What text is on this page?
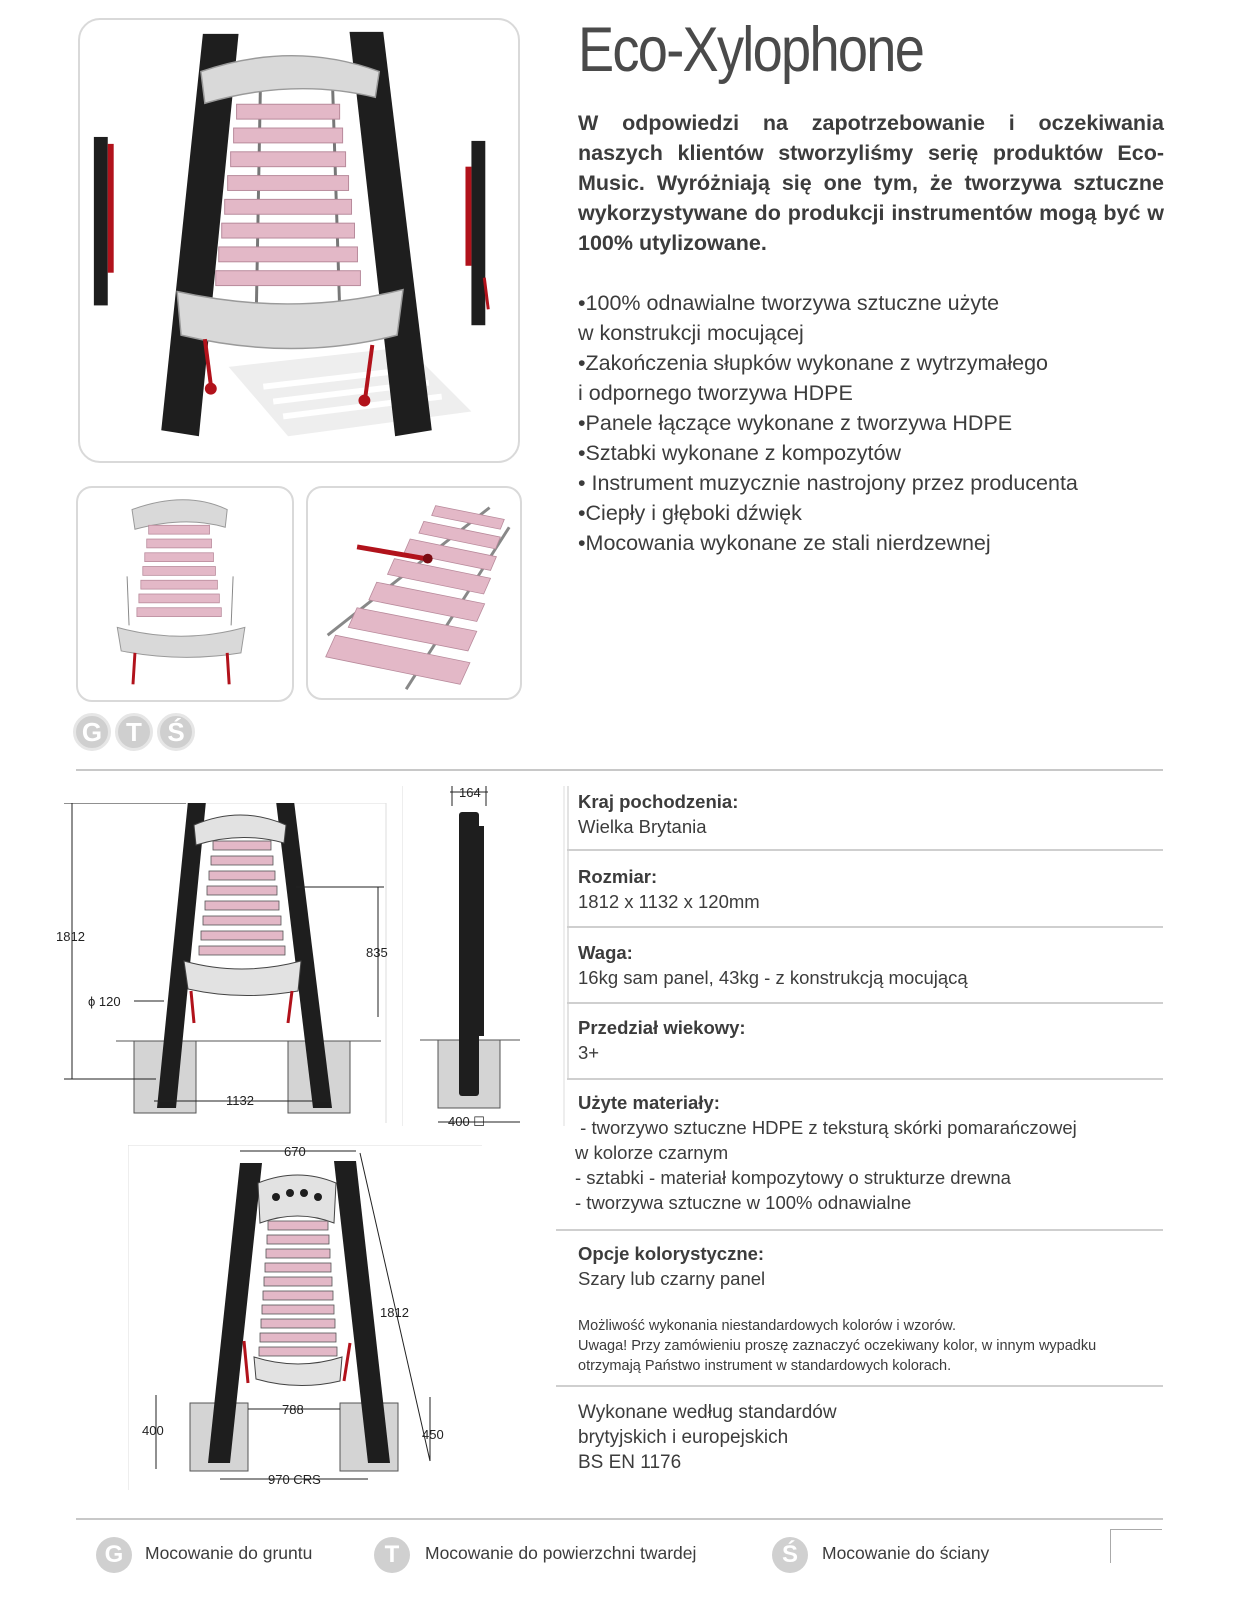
G T Ś
Eco-Xylophone

W odpowiedzi na zapotrzebowanie i oczekiwania naszych klientów stworzyliśmy serię produktów Eco-Music. Wyróżniają się one tym, że tworzywa sztuczne wykorzystywane do produkcji instrumentów mogą być w 100% utylizowane.

• 100% odnawialne tworzywa sztuczne użyte
w konstrukcji mocującej
• Zakończenia słupków wykonane z wytrzymałego
i odpornego tworzywa HDPE
• Panele łączące wykonane z tworzywa HDPE
• Sztabki wykonane z kompozytów
• Instrument muzycznie nastrojony przez producenta
• Ciepły i głęboki dźwięk
• Mocowania wykonane ze stali nierdzewnej
1812
835
ϕ 120
1132
164
400 ☐
670
1812
788
400	450
970 CRS
Kraj pochodzenia:
Wielka Brytania
Rozmiar:
1812 x 1132 x 120mm
Waga:
16kg sam panel, 43kg - z konstrukcją mocującą
Przedział wiekowy:
3+
Użyte materiały:
- tworzywo sztuczne HDPE z teksturą skórki pomarańczowej
w kolorze czarnym
- sztabki - materiał kompozytowy o strukturze drewna
- tworzywa sztuczne w 100% odnawialne
Opcje kolorystyczne:
Szary lub czarny panel
Możliwość wykonania niestandardowych kolorów i wzorów.
Uwaga! Przy zamówieniu proszę zaznaczyć oczekiwany kolor, w innym wypadku
otrzymają Państwo instrument w standardowych kolorach.
Wykonane według standardów
brytyjskich i europejskich
BS EN 1176
G	Mocowanie do gruntu	T	Mocowanie do powierzchni twardej	Ś	Mocowanie do ściany
